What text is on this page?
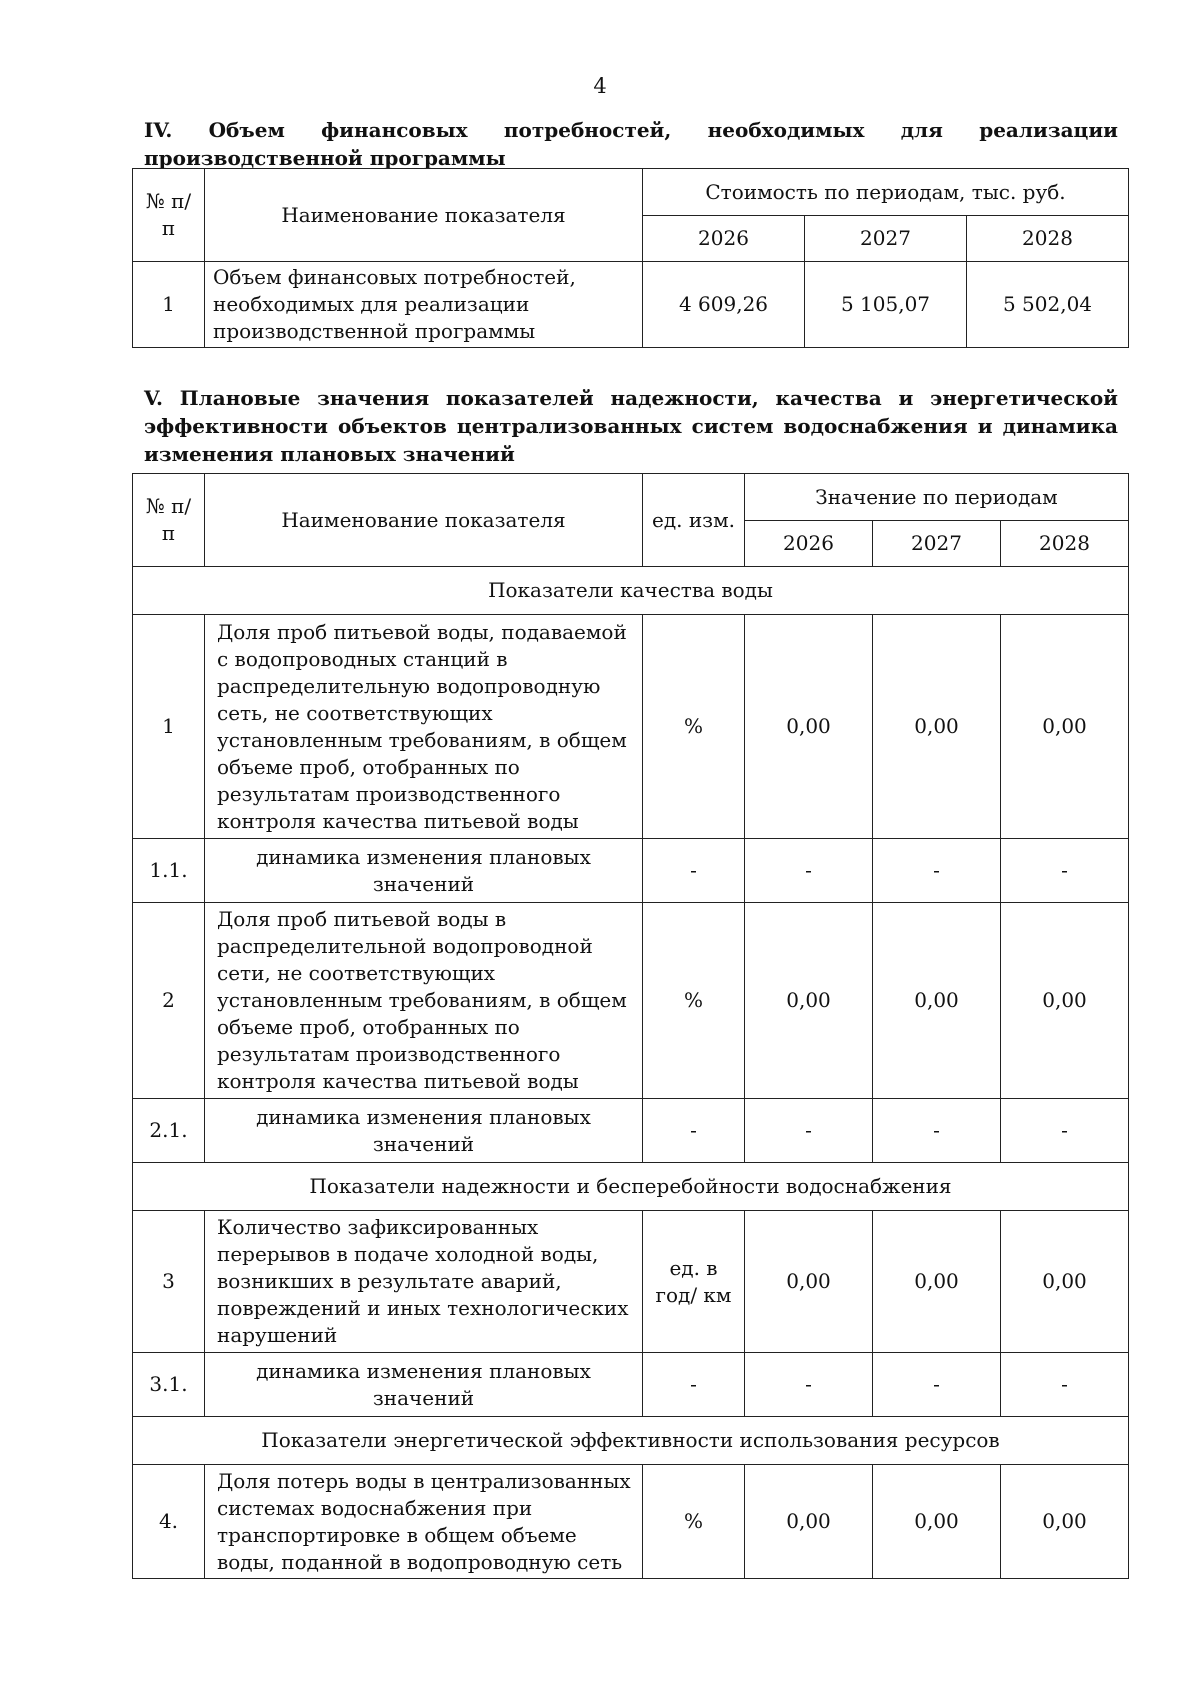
4
IV. Объем финансовых потребностей, необходимых для реализации производственной программы
№ п/п	Наименование показателя	Стоимость по периодам, тыс. руб.		
		2026	2027	2028
1	Объем финансовых потребностей, необходимых для реализации производственной программы	4 609,26	5 105,07	5 502,04
V. Плановые значения показателей надежности, качества и энергетической эффективности объектов централизованных систем водоснабжения и динамика изменения плановых значений
№ п/п	Наименование показателя	ед. изм.	Значение по периодам		
			2026	2027	2028
Показатели качества воды					
1	Доля проб питьевой воды, подаваемой с водопроводных станций в распределительную водопроводную сеть, не соответствующих установленным требованиям, в общем объеме проб, отобранных по результатам производственного контроля качества питьевой воды	%	0,00	0,00	0,00
1.1.	динамика изменения плановых значений	-	-	-	-
2	Доля проб питьевой воды в распределительной водопроводной сети, не соответствующих установленным требованиям, в общем объеме проб, отобранных по результатам производственного контроля качества питьевой воды	%	0,00	0,00	0,00
2.1.	динамика изменения плановых значений	-	-	-	-
Показатели надежности и бесперебойности водоснабжения					
3	Количество зафиксированных перерывов в подаче холодной воды, возникших в результате аварий, повреждений и иных технологических нарушений	ед. в год/ км	0,00	0,00	0,00
3.1.	динамика изменения плановых значений	-	-	-	-
Показатели энергетической эффективности использования ресурсов					
4.	Доля потерь воды в централизованных системах водоснабжения при транспортировке в общем объеме воды, поданной в водопроводную сеть	%	0,00	0,00	0,00
